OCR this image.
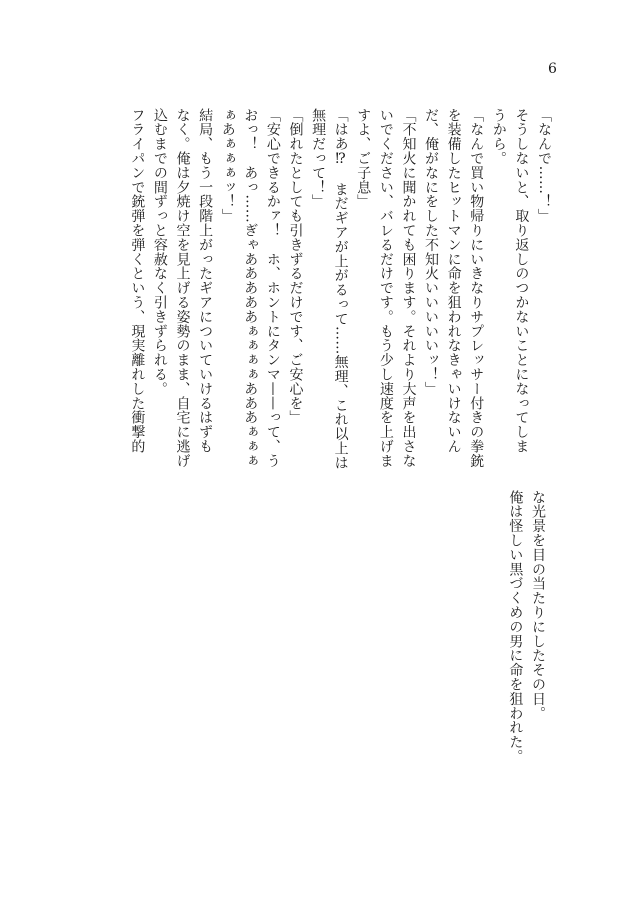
6
「なんで……！」
そうしないと、取り返しのつかないことになってしま
うから。
「なんで買い物帰りにいきなりサプレッサー付きの拳銃
を装備したヒットマンに命を狙われなきゃいけないん
だ、俺がなにをした不知火いいいいいッ！」
「不知火に聞かれても困ります。それより大声を出さな
いでください、バレるだけです。もう少し速度を上げま
すよ、ご子息」
「はあ⁉　まだギアが上がるって……無理、これ以上は
無理だって！」
「倒れたとしても引きずるだけです、ご安心を」
「安心できるかァ！　ホ、ホントにタンマ——って、う
おっ！　あっ……ぎゃあああああぁぁぁぁあああぁぁぁ
ぁあぁぁぁッ！」
結局、もう一段階上がったギアについていけるはずも
なく。俺は夕焼け空を見上げる姿勢のまま、自宅に逃げ
込むまでの間ずっと容赦なく引きずられる。
フライパンで銃弾を弾くという、現実離れした衝撃的
な光景を目の当たりにしたその日。
俺は怪しい黒づくめの男に命を狙われた。
